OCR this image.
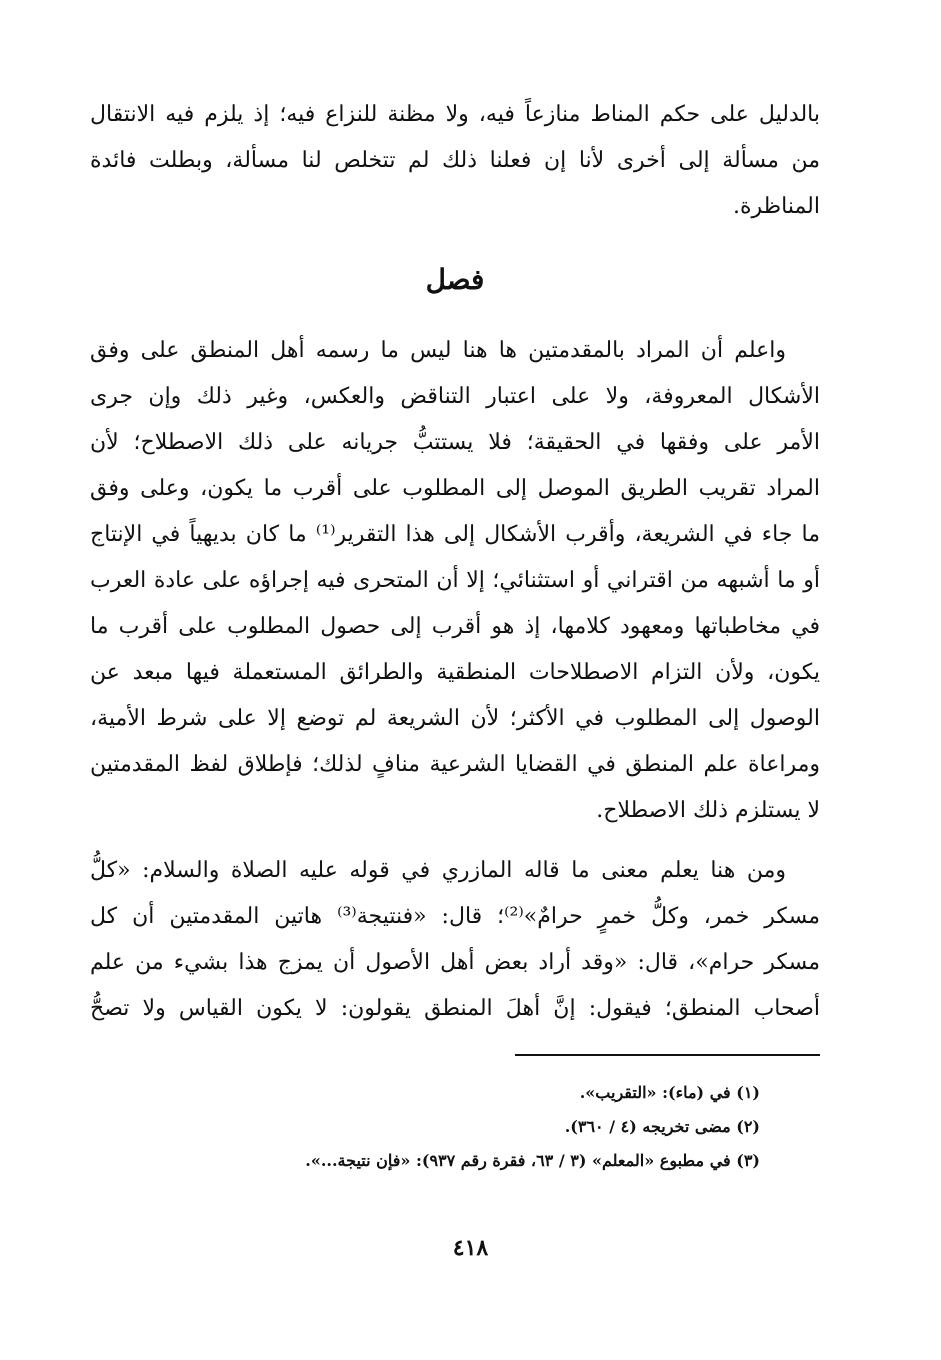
بالدليل على حكم المناط منازعاً فيه، ولا مظنة للنزاع فيه؛ إذ يلزم فيه الانتقال
من مسألة إلى أخرى لأنا إن فعلنا ذلك لم تتخلص لنا مسألة، وبطلت فائدة
المناظرة.

فصل

واعلم أن المراد بالمقدمتين ها هنا ليس ما رسمه أهل المنطق على وفق
الأشكال المعروفة، ولا على اعتبار التناقض والعكس، وغير ذلك وإن جرى
الأمر على وفقها في الحقيقة؛ فلا يستتبُّ جريانه على ذلك الاصطلاح؛ لأن
المراد تقريب الطريق الموصل إلى المطلوب على أقرب ما يكون، وعلى وفق
ما جاء في الشريعة، وأقرب الأشكال إلى هذا التقرير⁽¹⁾ ما كان بديهياً في الإنتاج
أو ما أشبهه من اقتراني أو استثنائي؛ إلا أن المتحرى فيه إجراؤه على عادة العرب
في مخاطباتها ومعهود كلامها، إذ هو أقرب إلى حصول المطلوب على أقرب ما
يكون، ولأن التزام الاصطلاحات المنطقية والطرائق المستعملة فيها مبعد عن
الوصول إلى المطلوب في الأكثر؛ لأن الشريعة لم توضع إلا على شرط الأمية،
ومراعاة علم المنطق في القضايا الشرعية منافٍ لذلك؛ فإطلاق لفظ المقدمتين
لا يستلزم ذلك الاصطلاح.

ومن هنا يعلم معنى ما قاله المازري في قوله عليه الصلاة والسلام: «كلُّ
مسكر خمر، وكلُّ خمرٍ حرامٌ»⁽²⁾؛ قال: «فنتيجة⁽³⁾ هاتين المقدمتين أن كل
مسكر حرام»، قال: «وقد أراد بعض أهل الأصول أن يمزج هذا بشيء من علم
أصحاب المنطق؛ فيقول: إنَّ أهلَ المنطق يقولون: لا يكون القياس ولا تصحُّ

(١) في (ماء): «التقريب».

(٢) مضى تخريجه (٤ / ٣٦٠).

(٣) في مطبوع «المعلم» (٣ / ٦٣، فقرة رقم ٩٣٧): «فإن نتيجة...».

٤١٨
